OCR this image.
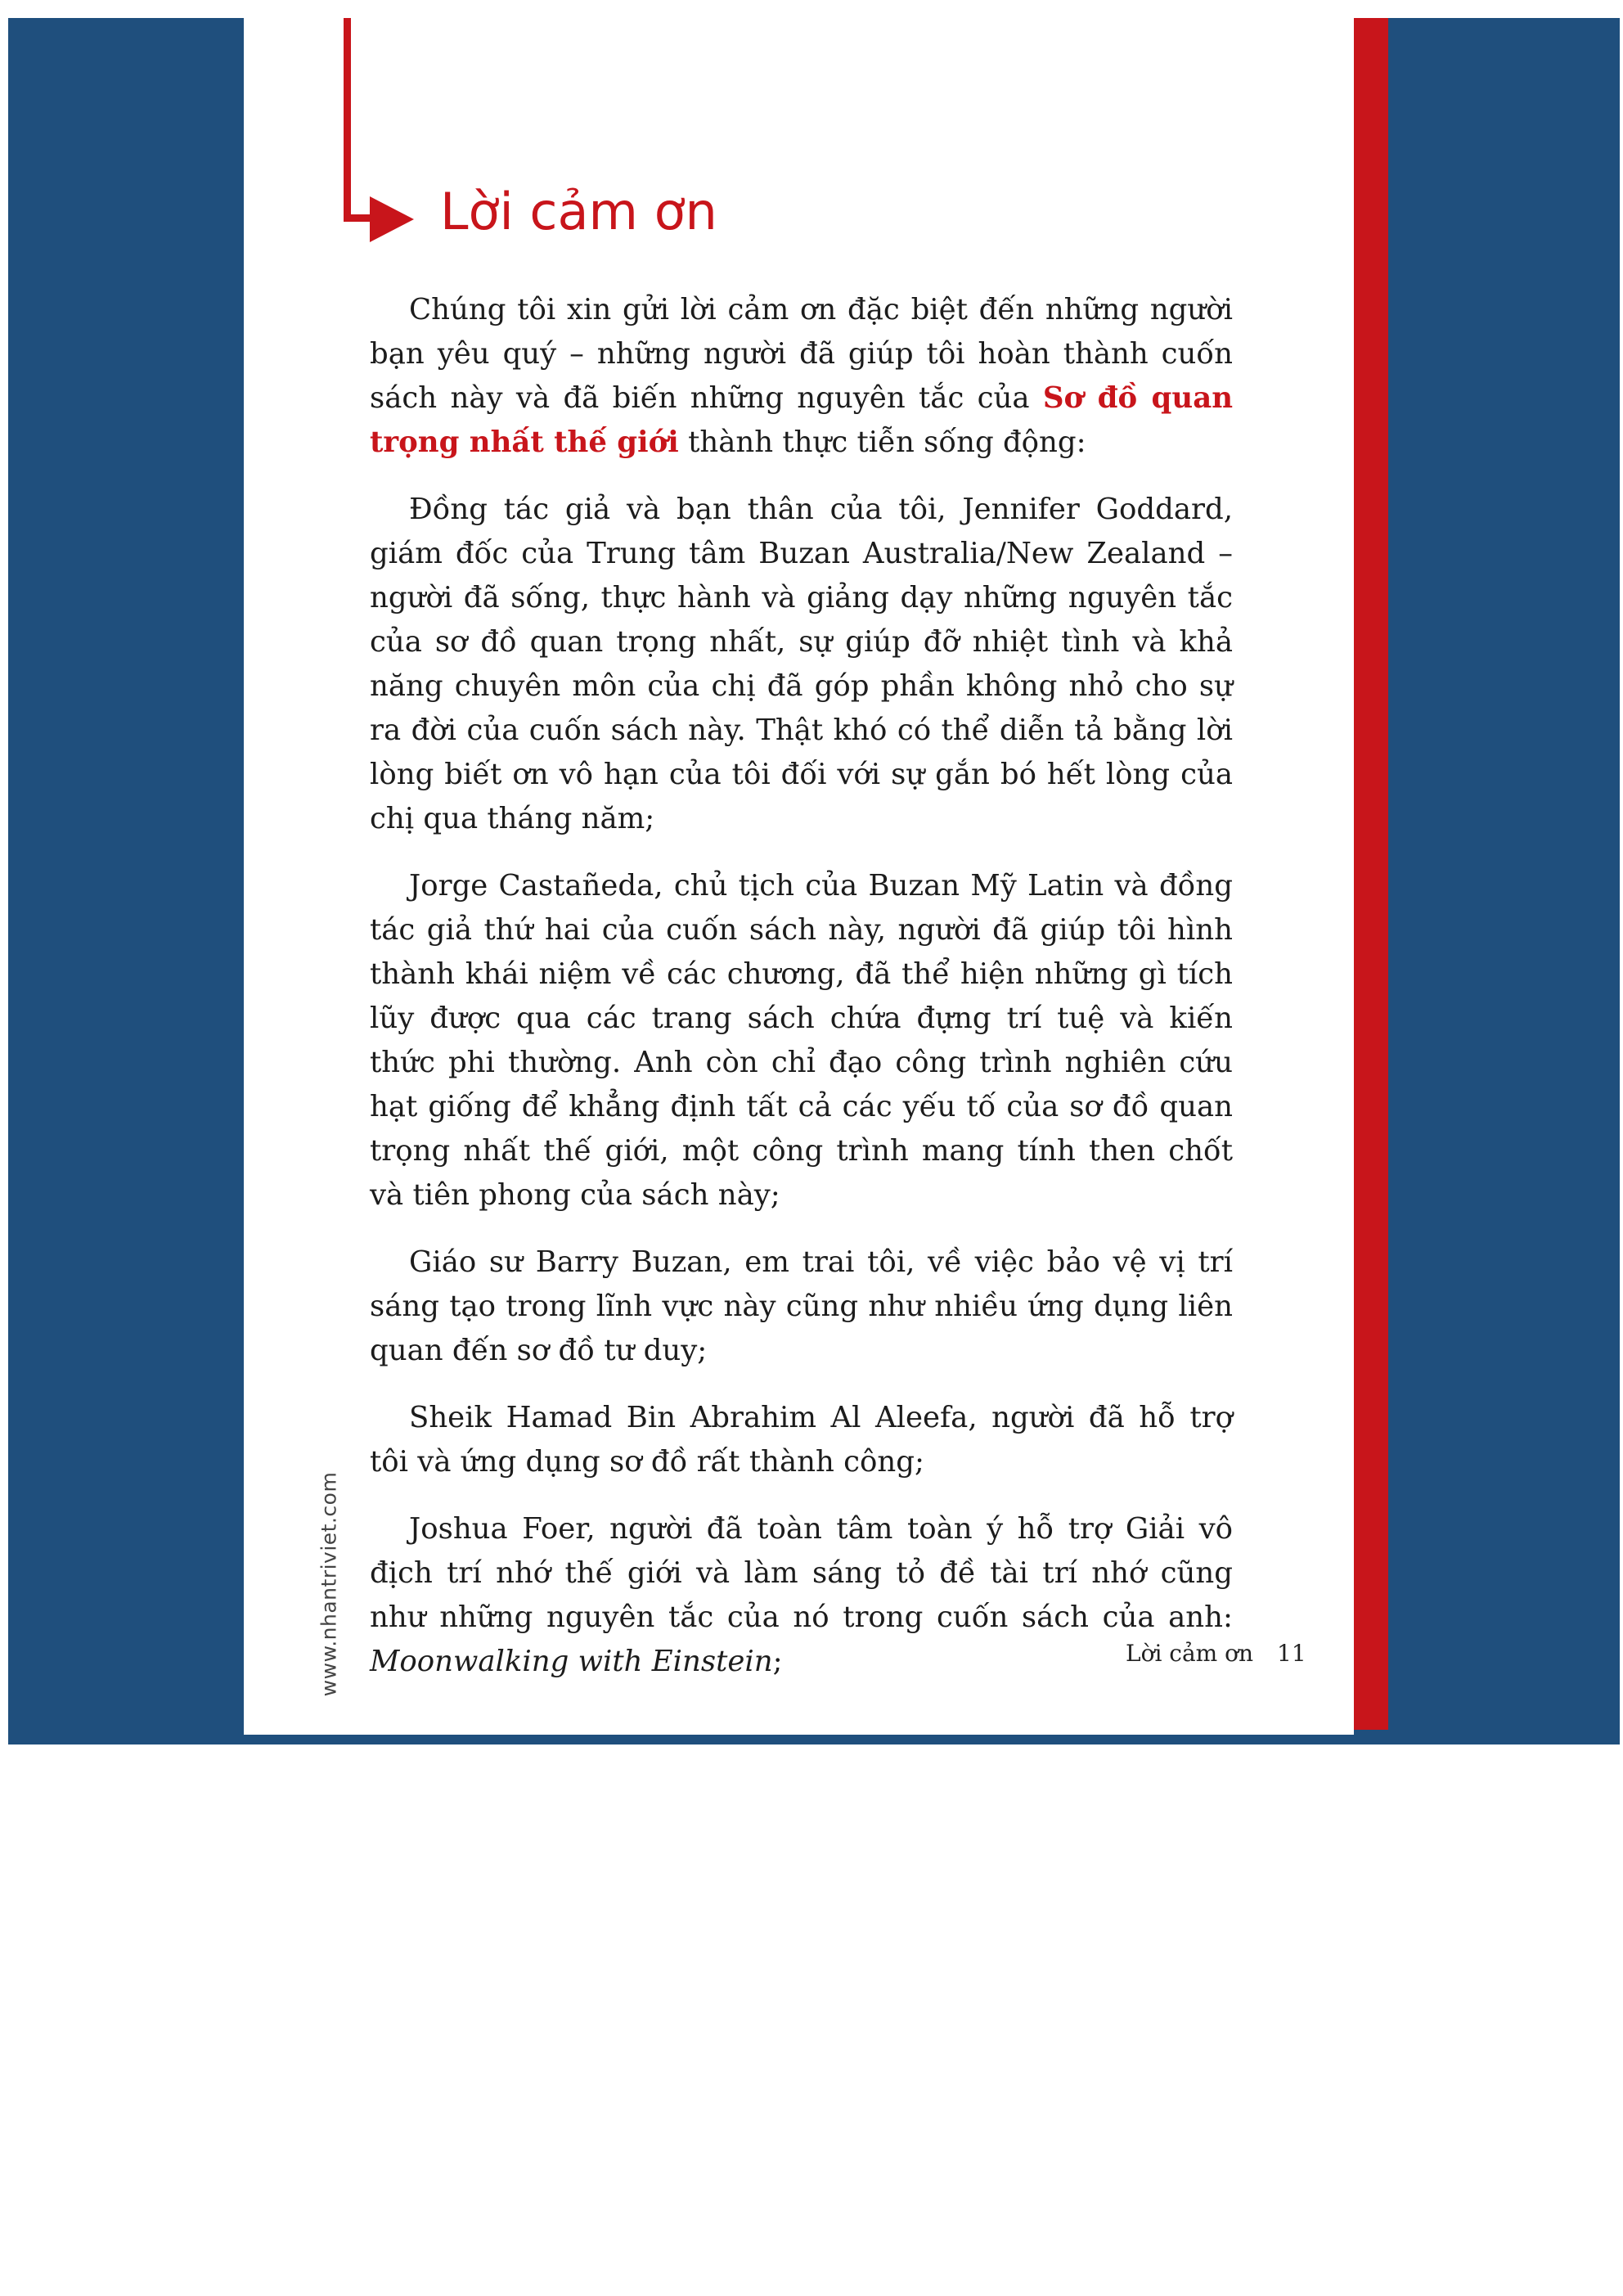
Lời cảm ơn

Chúng tôi xin gửi lời cảm ơn đặc biệt đến những người bạn yêu quý – những người đã giúp tôi hoàn thành cuốn sách này và đã biến những nguyên tắc của Sơ đồ quan trọng nhất thế giới thành thực tiễn sống động:

Đồng tác giả và bạn thân của tôi, Jennifer Goddard, giám đốc của Trung tâm Buzan Australia/New Zealand – người đã sống, thực hành và giảng dạy những nguyên tắc của sơ đồ quan trọng nhất, sự giúp đỡ nhiệt tình và khả năng chuyên môn của chị đã góp phần không nhỏ cho sự ra đời của cuốn sách này. Thật khó có thể diễn tả bằng lời lòng biết ơn vô hạn của tôi đối với sự gắn bó hết lòng của chị qua tháng năm;

Jorge Castañeda, chủ tịch của Buzan Mỹ Latin và đồng tác giả thứ hai của cuốn sách này, người đã giúp tôi hình thành khái niệm về các chương, đã thể hiện những gì tích lũy được qua các trang sách chứa đựng trí tuệ và kiến thức phi thường. Anh còn chỉ đạo công trình nghiên cứu hạt giống để khẳng định tất cả các yếu tố của sơ đồ quan trọng nhất thế giới, một công trình mang tính then chốt và tiên phong của sách này;

Giáo sư Barry Buzan, em trai tôi, về việc bảo vệ vị trí sáng tạo trong lĩnh vực này cũng như nhiều ứng dụng liên quan đến sơ đồ tư duy;

Sheik Hamad Bin Abrahim Al Aleefa, người đã hỗ trợ tôi và ứng dụng sơ đồ rất thành công;

Joshua Foer, người đã toàn tâm toàn ý hỗ trợ Giải vô địch trí nhớ thế giới và làm sáng tỏ đề tài trí nhớ cũng như những nguyên tắc của nó trong cuốn sách của anh: Moonwalking with Einstein;

www.nhantriviet.com	Lời cảm ơn 11
